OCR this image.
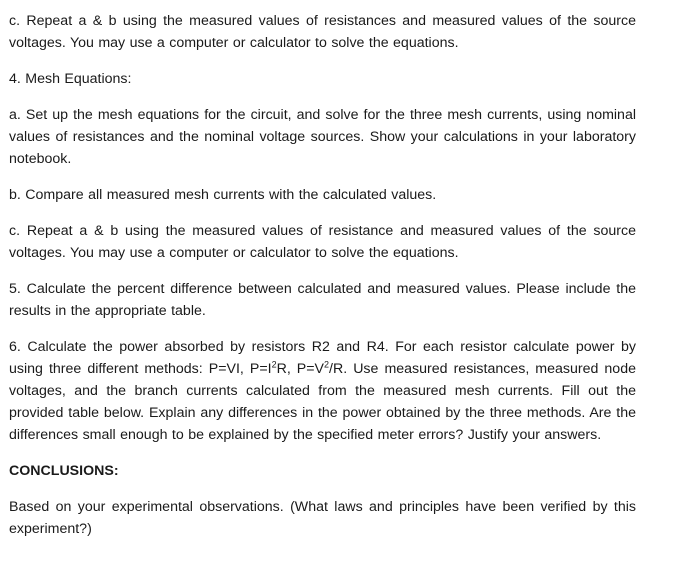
c. Repeat a & b using the measured values of resistances and measured values of the source voltages. You may use a computer or calculator to solve the equations.

4. Mesh Equations:

a. Set up the mesh equations for the circuit, and solve for the three mesh currents, using nominal values of resistances and the nominal voltage sources. Show your calculations in your laboratory notebook.

b. Compare all measured mesh currents with the calculated values.

c. Repeat a & b using the measured values of resistance and measured values of the source voltages. You may use a computer or calculator to solve the equations.

5. Calculate the percent difference between calculated and measured values. Please include the results in the appropriate table.

6. Calculate the power absorbed by resistors R2 and R4. For each resistor calculate power by using three different methods: P=VI, $P=I^2R$, $P=V^2/R$. Use measured resistances, measured node voltages, and the branch currents calculated from the measured mesh currents. Fill out the provided table below. Explain any differences in the power obtained by the three methods. Are the differences small enough to be explained by the specified meter errors? Justify your answers.

CONCLUSIONS:

Based on your experimental observations. (What laws and principles have been verified by this experiment?)
